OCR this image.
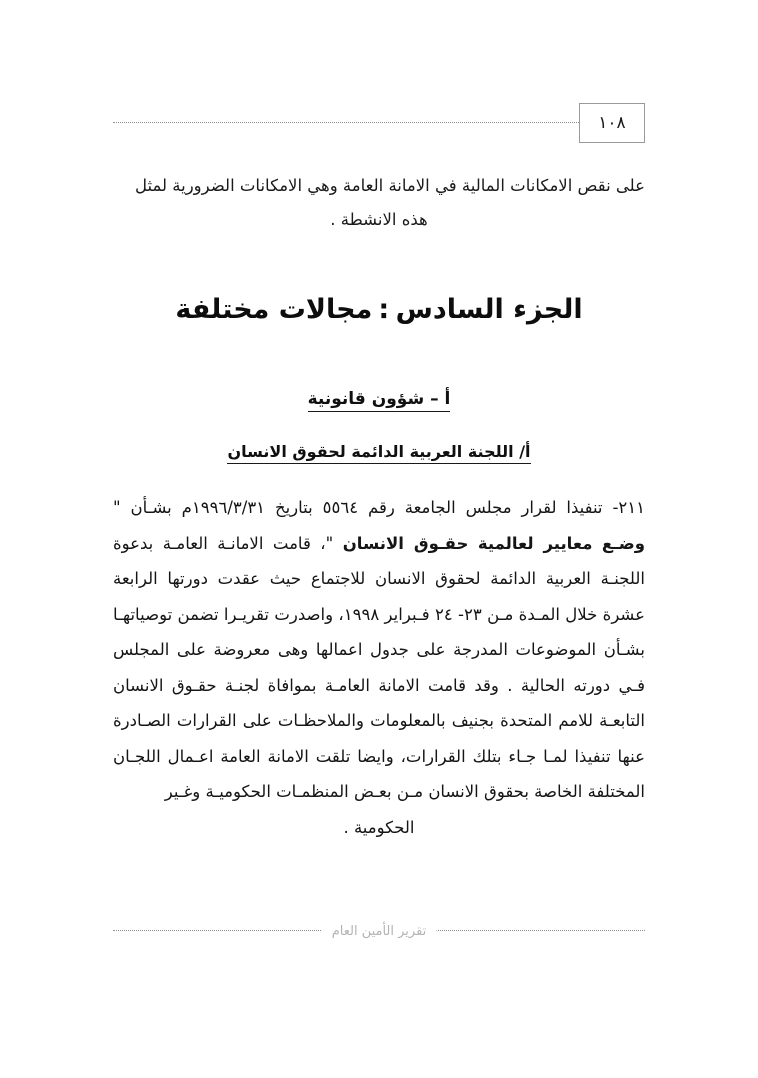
١٠٨

على نقص الامكانات المالية في الامانة العامة وهي الامكانات الضرورية لمثل
هذه الانشطة .

الجزء السادس:مجالات مختلفة
أ – شؤون قانونية
أ/ اللجنة العربية الدائمة لحقوق الانسان

٢١١- تنفيذا لقرار مجلس الجامعة رقم ٥٥٦٤ بتاريخ ١٩٩٦/٣/٣١م بشـأن " وضـع معايير لعالمية حقـوق الانسان "، قامت الامانـة العامـة بدعوة اللجنـة العربية الدائمة لحقوق الانسان للاجتماع حيث عقدت دورتها الرابعة عشرة خلال المـدة مـن ٢٣- ٢٤ فـبراير ١٩٩٨، واصدرت تقريـرا تضمن توصياتهـا بشـأن الموضوعات المدرجة على جدول اعمالها وهى معروضة على المجلس فـي دورته الحالية . وقد قامت الامانة العامـة بموافاة لجنـة حقـوق الانسان التابعـة للامم المتحدة بجنيف بالمعلومات والملاحظـات على القرارات الصـادرة عنها تنفيذا لمـا جـاء بتلك القرارات، وايضا تلقت الامانة العامة اعـمال اللجـان المختلفة الخاصة بحقوق الانسان مـن بعـض المنظمـات الحكوميـة وغـير
الحكومية .

تقرير الأمين العام
